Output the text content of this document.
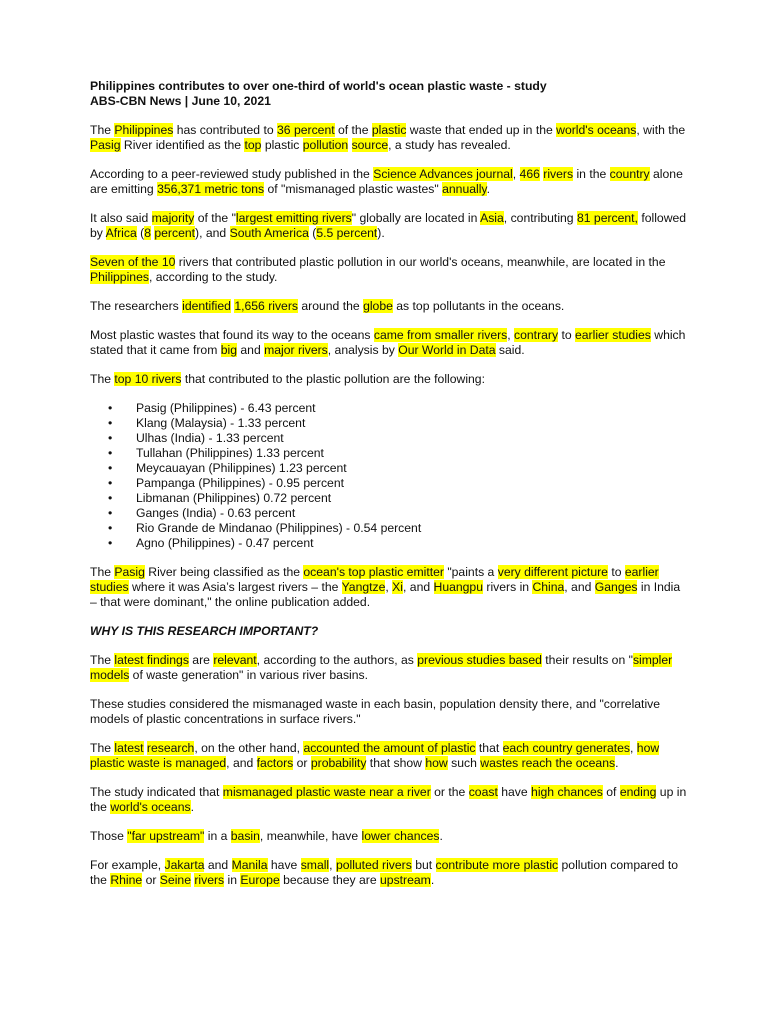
Philippines contributes to over one-third of world's ocean plastic waste - study

ABS-CBN News | June 10, 2021

The Philippines has contributed to 36 percent of the plastic waste that ended up in the world's oceans, with the Pasig River identified as the top plastic pollution source, a study has revealed.

According to a peer-reviewed study published in the Science Advances journal, 466 rivers in the country alone are emitting 356,371 metric tons of "mismanaged plastic wastes" annually.

It also said majority of the "largest emitting rivers" globally are located in Asia, contributing 81 percent, followed by Africa (8 percent), and South America (5.5 percent).

Seven of the 10 rivers that contributed plastic pollution in our world's oceans, meanwhile, are located in the Philippines, according to the study.

The researchers identified 1,656 rivers around the globe as top pollutants in the oceans.

Most plastic wastes that found its way to the oceans came from smaller rivers, contrary to earlier studies which stated that it came from big and major rivers, analysis by Our World in Data said.

The top 10 rivers that contributed to the plastic pollution are the following:

• Pasig (Philippines) - 6.43 percent
• Klang (Malaysia) - 1.33 percent
• Ulhas (India) - 1.33 percent
• Tullahan (Philippines) 1.33 percent
• Meycauayan (Philippines) 1.23 percent
• Pampanga (Philippines) - 0.95 percent
• Libmanan (Philippines) 0.72 percent
• Ganges (India) - 0.63 percent
• Rio Grande de Mindanao (Philippines) - 0.54 percent
• Agno (Philippines) - 0.47 percent

The Pasig River being classified as the ocean's top plastic emitter "paints a very different picture to earlier studies where it was Asia’s largest rivers – the Yangtze, Xi, and Huangpu rivers in China, and Ganges in India – that were dominant," the online publication added.

WHY IS THIS RESEARCH IMPORTANT?

The latest findings are relevant, according to the authors, as previous studies based their results on "simpler models of waste generation" in various river basins.

These studies considered the mismanaged waste in each basin, population density there, and "correlative models of plastic concentrations in surface rivers."

The latest research, on the other hand, accounted the amount of plastic that each country generates, how plastic waste is managed, and factors or probability that show how such wastes reach the oceans.

The study indicated that mismanaged plastic waste near a river or the coast have high chances of ending up in the world's oceans.

Those "far upstream" in a basin, meanwhile, have lower chances.

For example, Jakarta and Manila have small, polluted rivers but contribute more plastic pollution compared to the Rhine or Seine rivers in Europe because they are upstream.
